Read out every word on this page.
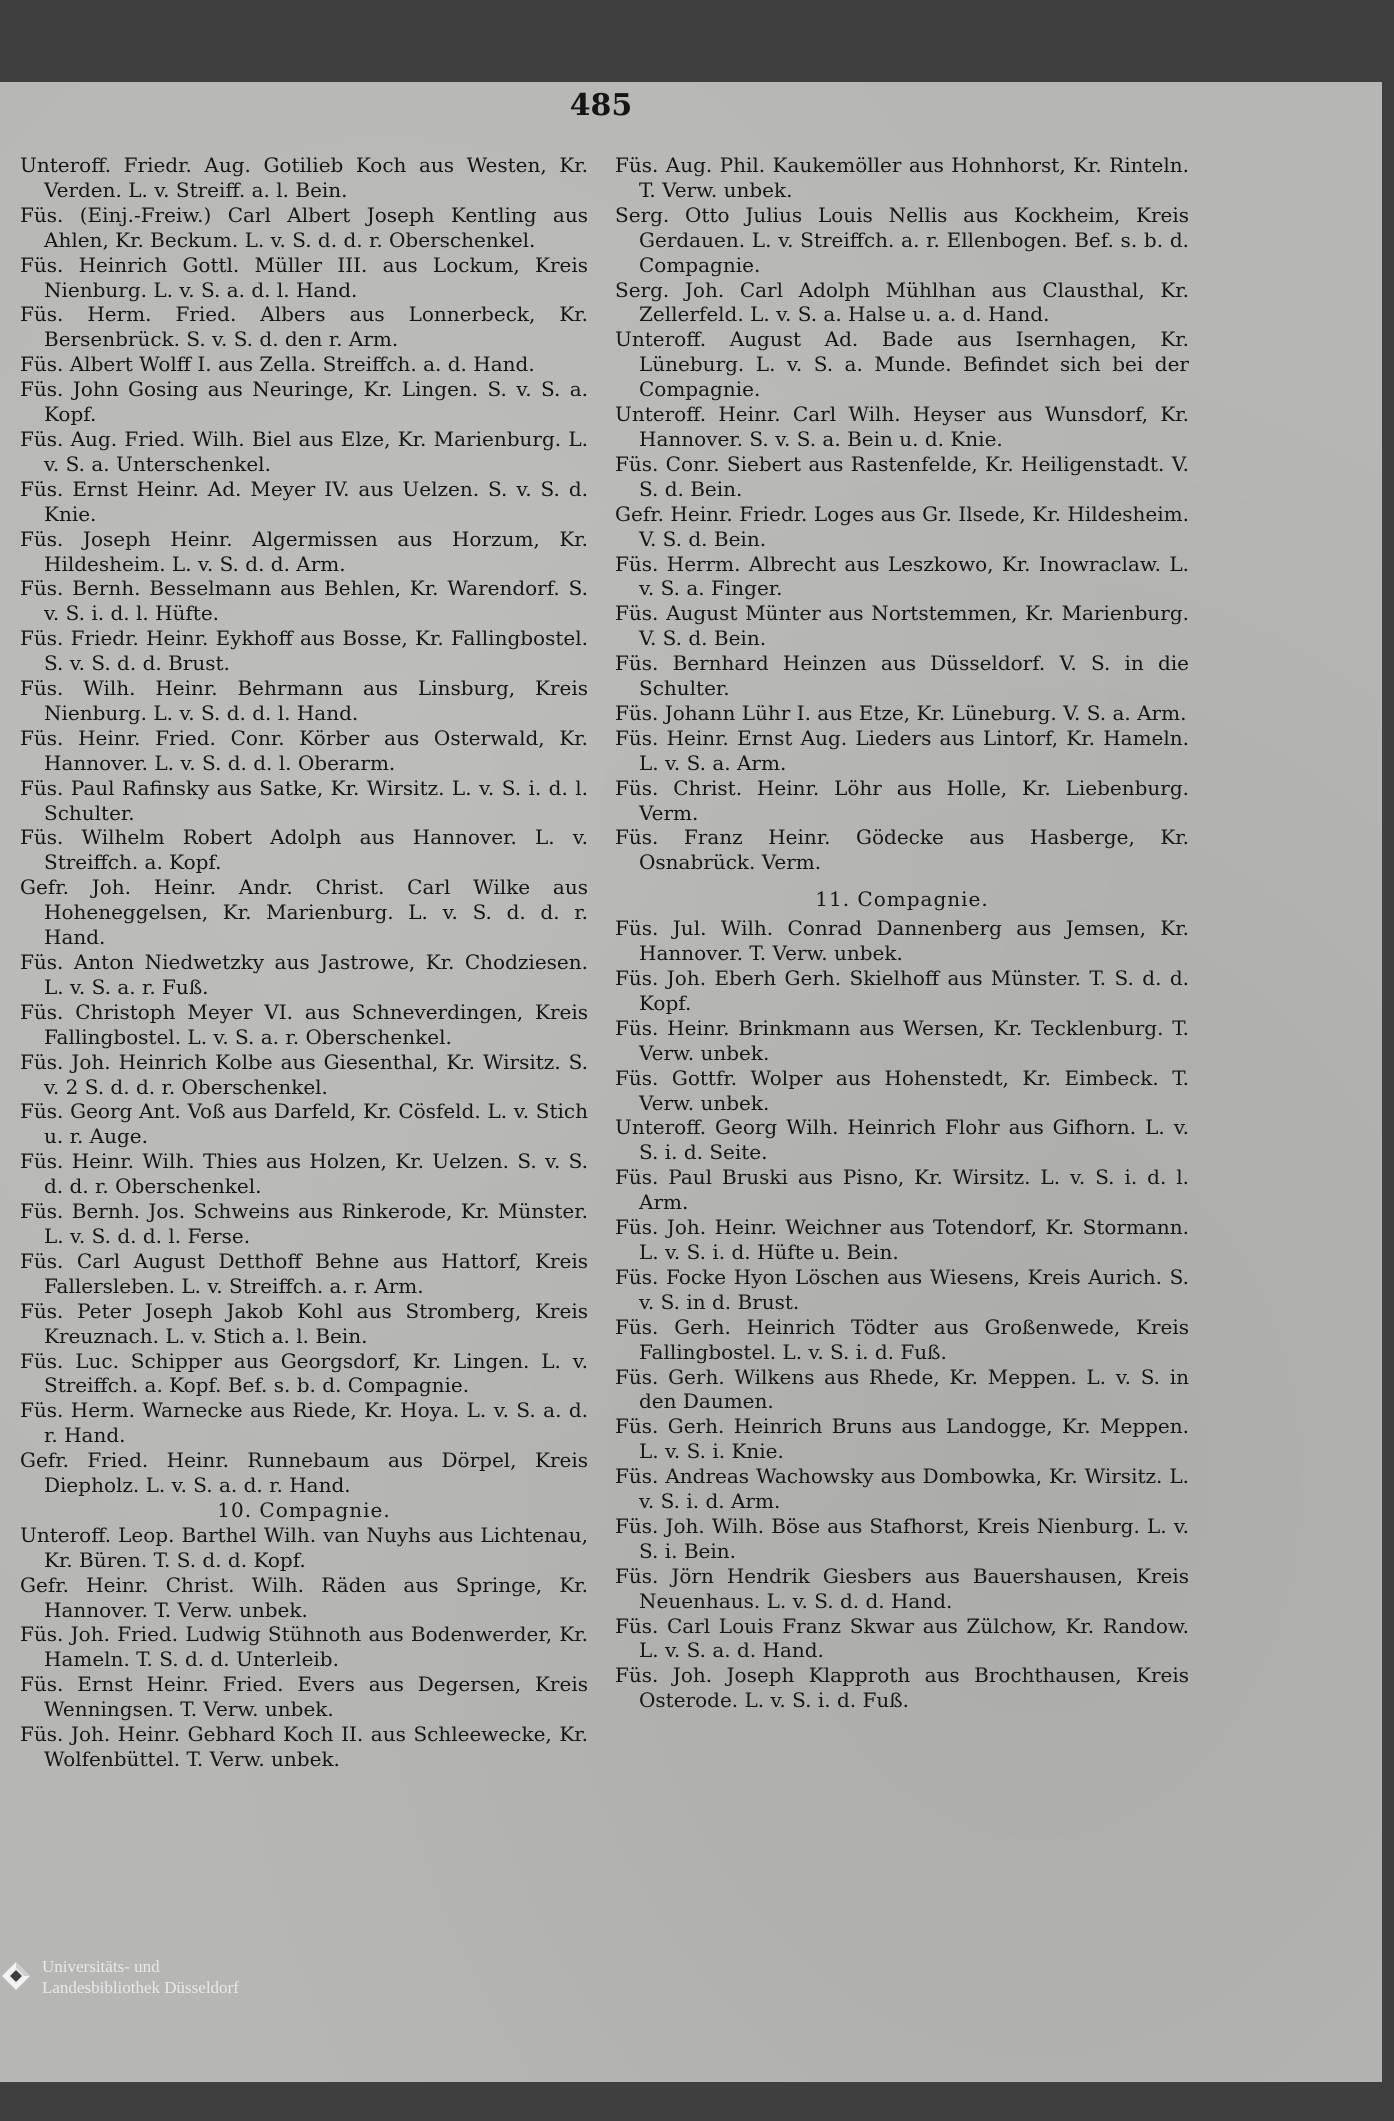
485

Unteroff. Friedr. Aug. Gotilieb Koch aus Westen, Kr. Verden. L. v. Streiff. a. l. Bein.

Füs. (Einj.-Freiw.) Carl Albert Joseph Kentling aus Ahlen, Kr. Beckum. L. v. S. d. d. r. Oberschenkel.

Füs. Heinrich Gottl. Müller III. aus Lockum, Kreis Nienburg. L. v. S. a. d. l. Hand.

Füs. Herm. Fried. Albers aus Lonnerbeck, Kr. Bersenbrück. S. v. S. d. den r. Arm.

Füs. Albert Wolff I. aus Zella. Streiffch. a. d. Hand.

Füs. John Gosing aus Neuringe, Kr. Lingen. S. v. S. a. Kopf.

Füs. Aug. Fried. Wilh. Biel aus Elze, Kr. Marienburg. L. v. S. a. Unterschenkel.

Füs. Ernst Heinr. Ad. Meyer IV. aus Uelzen. S. v. S. d. Knie.

Füs. Joseph Heinr. Algermissen aus Horzum, Kr. Hildesheim. L. v. S. d. d. Arm.

Füs. Bernh. Besselmann aus Behlen, Kr. Warendorf. S. v. S. i. d. l. Hüfte.

Füs. Friedr. Heinr. Eykhoff aus Bosse, Kr. Fallingbostel. S. v. S. d. d. Brust.

Füs. Wilh. Heinr. Behrmann aus Linsburg, Kreis Nienburg. L. v. S. d. d. l. Hand.

Füs. Heinr. Fried. Conr. Körber aus Osterwald, Kr. Hannover. L. v. S. d. d. l. Oberarm.

Füs. Paul Rafinsky aus Satke, Kr. Wirsitz. L. v. S. i. d. l. Schulter.

Füs. Wilhelm Robert Adolph aus Hannover. L. v. Streiffch. a. Kopf.

Gefr. Joh. Heinr. Andr. Christ. Carl Wilke aus Hoheneggelsen, Kr. Marienburg. L. v. S. d. d. r. Hand.

Füs. Anton Niedwetzky aus Jastrowe, Kr. Chodziesen. L. v. S. a. r. Fuß.

Füs. Christoph Meyer VI. aus Schneverdingen, Kreis Fallingbostel. L. v. S. a. r. Oberschenkel.

Füs. Joh. Heinrich Kolbe aus Giesenthal, Kr. Wirsitz. S. v. 2 S. d. d. r. Oberschenkel.

Füs. Georg Ant. Voß aus Darfeld, Kr. Cösfeld. L. v. Stich u. r. Auge.

Füs. Heinr. Wilh. Thies aus Holzen, Kr. Uelzen. S. v. S. d. d. r. Oberschenkel.

Füs. Bernh. Jos. Schweins aus Rinkerode, Kr. Münster. L. v. S. d. d. l. Ferse.

Füs. Carl August Detthoff Behne aus Hattorf, Kreis Fallersleben. L. v. Streiffch. a. r. Arm.

Füs. Peter Joseph Jakob Kohl aus Stromberg, Kreis Kreuznach. L. v. Stich a. l. Bein.

Füs. Luc. Schipper aus Georgsdorf, Kr. Lingen. L. v. Streiffch. a. Kopf. Bef. s. b. d. Compagnie.

Füs. Herm. Warnecke aus Riede, Kr. Hoya. L. v. S. a. d. r. Hand.

Gefr. Fried. Heinr. Runnebaum aus Dörpel, Kreis Diepholz. L. v. S. a. d. r. Hand.

10. Compagnie.

Unteroff. Leop. Barthel Wilh. van Nuyhs aus Lichtenau, Kr. Büren. T. S. d. d. Kopf.

Gefr. Heinr. Christ. Wilh. Räden aus Springe, Kr. Hannover. T. Verw. unbek.

Füs. Joh. Fried. Ludwig Stühnoth aus Bodenwerder, Kr. Hameln. T. S. d. d. Unterleib.

Füs. Ernst Heinr. Fried. Evers aus Degersen, Kreis Wenningsen. T. Verw. unbek.

Füs. Joh. Heinr. Gebhard Koch II. aus Schleewecke, Kr. Wolfenbüttel. T. Verw. unbek.

Füs. Aug. Phil. Kaukemöller aus Hohnhorst, Kr. Rinteln. T. Verw. unbek.

Serg. Otto Julius Louis Nellis aus Kockheim, Kreis Gerdauen. L. v. Streiffch. a. r. Ellenbogen. Bef. s. b. d. Compagnie.

Serg. Joh. Carl Adolph Mühlhan aus Clausthal, Kr. Zellerfeld. L. v. S. a. Halse u. a. d. Hand.

Unteroff. August Ad. Bade aus Isernhagen, Kr. Lüneburg. L. v. S. a. Munde. Befindet sich bei der Compagnie.

Unteroff. Heinr. Carl Wilh. Heyser aus Wunsdorf, Kr. Hannover. S. v. S. a. Bein u. d. Knie.

Füs. Conr. Siebert aus Rastenfelde, Kr. Heiligenstadt. V. S. d. Bein.

Gefr. Heinr. Friedr. Loges aus Gr. Ilsede, Kr. Hildesheim. V. S. d. Bein.

Füs. Herrm. Albrecht aus Leszkowo, Kr. Inowraclaw. L. v. S. a. Finger.

Füs. August Münter aus Nortstemmen, Kr. Marienburg. V. S. d. Bein.

Füs. Bernhard Heinzen aus Düsseldorf. V. S. in die Schulter.

Füs. Johann Lühr I. aus Etze, Kr. Lüneburg. V. S. a. Arm.

Füs. Heinr. Ernst Aug. Lieders aus Lintorf, Kr. Hameln. L. v. S. a. Arm.

Füs. Christ. Heinr. Löhr aus Holle, Kr. Liebenburg. Verm.

Füs. Franz Heinr. Gödecke aus Hasberge, Kr. Osnabrück. Verm.

11. Compagnie.

Füs. Jul. Wilh. Conrad Dannenberg aus Jemsen, Kr. Hannover. T. Verw. unbek.

Füs. Joh. Eberh Gerh. Skielhoff aus Münster. T. S. d. d. Kopf.

Füs. Heinr. Brinkmann aus Wersen, Kr. Tecklenburg. T. Verw. unbek.

Füs. Gottfr. Wolper aus Hohenstedt, Kr. Eimbeck. T. Verw. unbek.

Unteroff. Georg Wilh. Heinrich Flohr aus Gifhorn. L. v. S. i. d. Seite.

Füs. Paul Bruski aus Pisno, Kr. Wirsitz. L. v. S. i. d. l. Arm.

Füs. Joh. Heinr. Weichner aus Totendorf, Kr. Stormann. L. v. S. i. d. Hüfte u. Bein.

Füs. Focke Hyon Löschen aus Wiesens, Kreis Aurich. S. v. S. in d. Brust.

Füs. Gerh. Heinrich Tödter aus Großenwede, Kreis Fallingbostel. L. v. S. i. d. Fuß.

Füs. Gerh. Wilkens aus Rhede, Kr. Meppen. L. v. S. in den Daumen.

Füs. Gerh. Heinrich Bruns aus Landogge, Kr. Meppen. L. v. S. i. Knie.

Füs. Andreas Wachowsky aus Dombowka, Kr. Wirsitz. L. v. S. i. d. Arm.

Füs. Joh. Wilh. Böse aus Stafhorst, Kreis Nienburg. L. v. S. i. Bein.

Füs. Jörn Hendrik Giesbers aus Bauershausen, Kreis Neuenhaus. L. v. S. d. d. Hand.

Füs. Carl Louis Franz Skwar aus Zülchow, Kr. Randow. L. v. S. a. d. Hand.

Füs. Joh. Joseph Klapproth aus Brochthausen, Kreis Osterode. L. v. S. i. d. Fuß.

Universitäts- und
Landesbibliothek Düsseldorf
